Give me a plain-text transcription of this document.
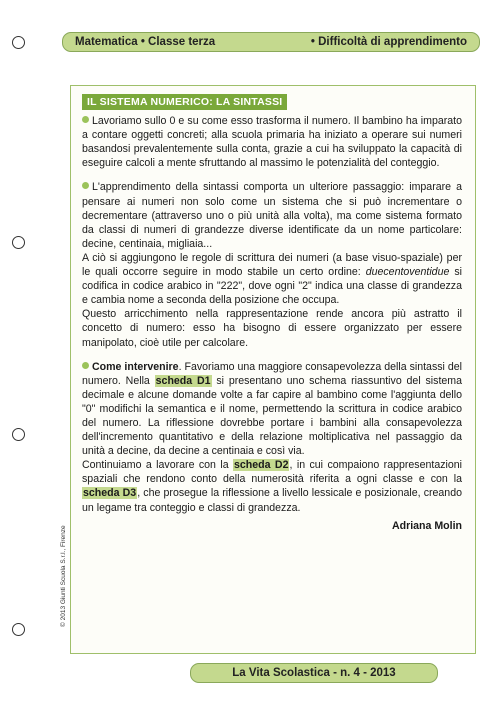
Matematica • Classe terza	• Difficoltà di apprendimento
IL SISTEMA NUMERICO: LA SINTASSI

Lavoriamo sullo 0 e su come esso trasforma il numero. Il bambino ha imparato a contare oggetti concreti; alla scuola primaria ha iniziato a operare sui numeri basandosi prevalentemente sulla conta, grazie a cui ha sviluppato la capacità di eseguire calcoli a mente sfruttando al massimo le potenzialità del conteggio.

L'apprendimento della sintassi comporta un ulteriore passaggio: imparare a pensare ai numeri non solo come un sistema che si può incrementare o decrementare (attraverso uno o più unità alla volta), ma come sistema formato da classi di numeri di grandezze diverse identificate da un nome particolare: decine, centinaia, migliaia...

A ciò si aggiungono le regole di scrittura dei numeri (a base visuo-spaziale) per le quali occorre seguire in modo stabile un certo ordine: duecentoventidue si codifica in codice arabico in "222", dove ogni "2" indica una classe di grandezza e cambia nome a seconda della posizione che occupa.

Questo arricchimento nella rappresentazione rende ancora più astratto il concetto di numero: esso ha bisogno di essere organizzato per essere manipolato, cioè utile per calcolare.

Come intervenire. Favoriamo una maggiore consapevolezza della sintassi del numero. Nella scheda D1 si presentano uno schema riassuntivo del sistema decimale e alcune domande volte a far capire al bambino come l'aggiunta dello "0" modifichi la semantica e il nome, permettendo la scrittura in codice arabico del numero. La riflessione dovrebbe portare i bambini alla consapevolezza dell'incremento quantitativo e della relazione moltiplicativa nel passaggio da unità a decine, da decine a centinaia e così via.

Continuiamo a lavorare con la scheda D2, in cui compaiono rappresentazioni spaziali che rendono conto della numerosità riferita a ogni classe e con la scheda D3, che prosegue la riflessione a livello lessicale e posizionale, creando un legame tra conteggio e classi di grandezza.

Adriana Molin
© 2013 Giunti Scuola S.r.l., Firenze
La Vita Scolastica - n. 4 - 2013
